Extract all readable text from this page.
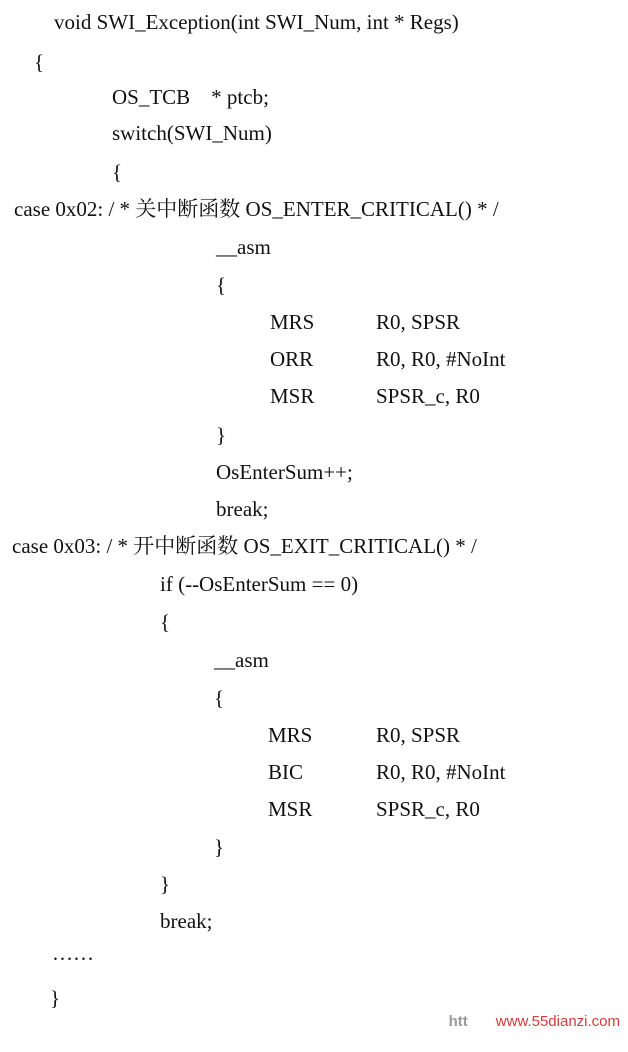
void SWI_Exception(int SWI_Num, int * Regs)
{
OS_TCB    * ptcb;
switch(SWI_Num)
{
case 0x02: / * 关中断函数 OS_ENTER_CRITICAL() * /
__asm
{
MRS	R0, SPSR
ORR	R0, R0, #NoInt
MSR	SPSR_c, R0
}
OsEnterSum++;
break;
case 0x03: / * 开中断函数 OS_EXIT_CRITICAL() * /
if (--OsEnterSum == 0)
{
__asm
{
MRS	R0, SPSR
BIC	R0, R0, #NoInt
MSR	SPSR_c, R0
}
}
break;
……
}

htt www.55dianzi.com
